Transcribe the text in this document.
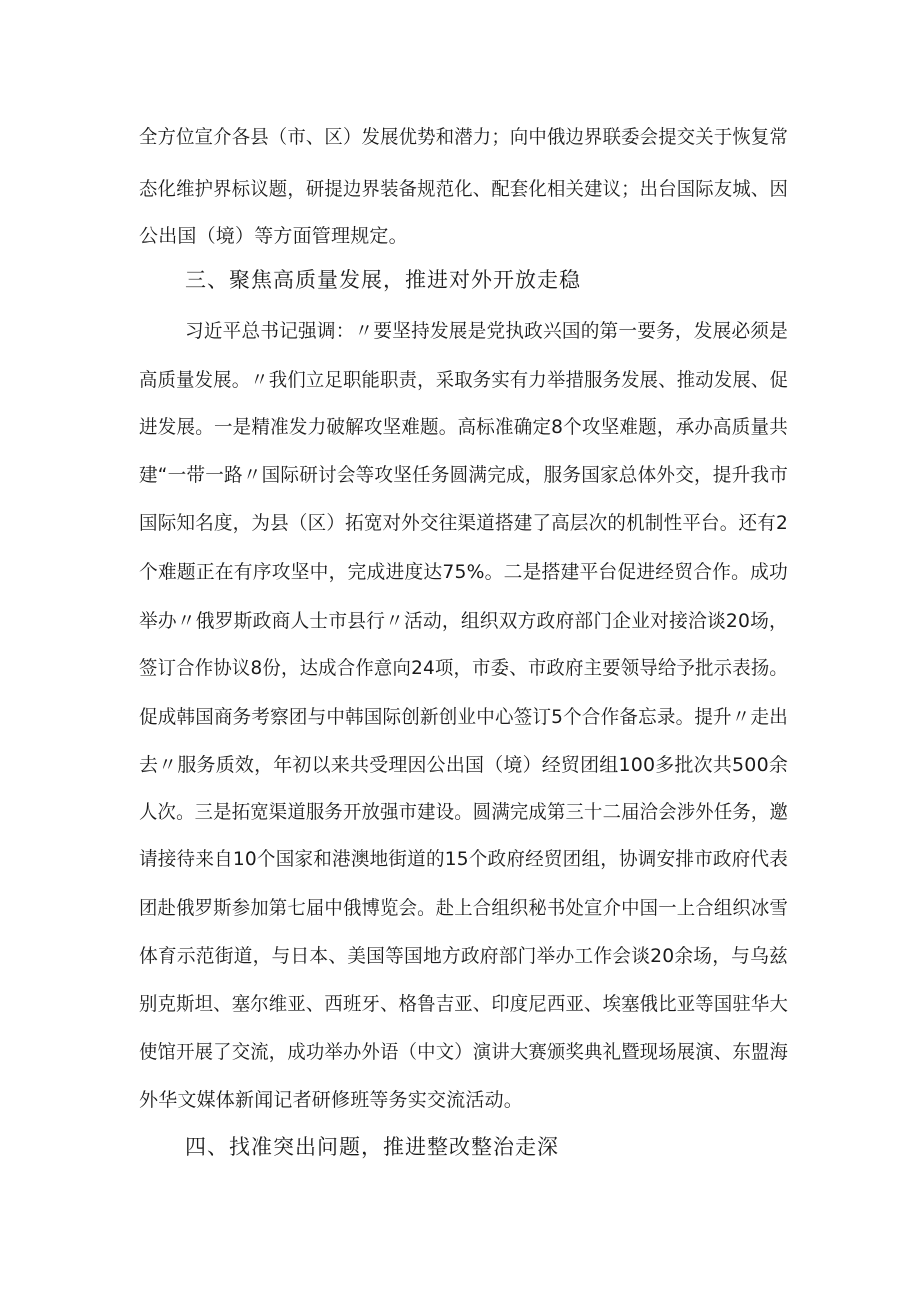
全方位宣介各县（市、区）发展优势和潜力；向中俄边界联委会提交关于恢复常
态化维护界标议题，研提边界装备规范化、配套化相关建议；出台国际友城、因
公出国（境）等方面管理规定。
三、聚焦高质量发展，推进对外开放走稳
习近平总书记强调：〃要坚持发展是党执政兴国的第一要务，发展必须是
高质量发展。〃我们立足职能职责，采取务实有力举措服务发展、推动发展、促
进发展。一是精准发力破解攻坚难题。高标准确定8个攻坚难题，承办高质量共
建“一带一路〃国际研讨会等攻坚任务圆满完成，服务国家总体外交，提升我市
国际知名度，为县（区）拓宽对外交往渠道搭建了高层次的机制性平台。还有2
个难题正在有序攻坚中，完成进度达75%。二是搭建平台促进经贸合作。成功
举办〃俄罗斯政商人士市县行〃活动，组织双方政府部门企业对接洽谈20场，
签订合作协议8份，达成合作意向24项，市委、市政府主要领导给予批示表扬。
促成韩国商务考察团与中韩国际创新创业中心签订5个合作备忘录。提升〃走出
去〃服务质效，年初以来共受理因公出国（境）经贸团组100多批次共500余
人次。三是拓宽渠道服务开放强市建设。圆满完成第三十二届洽会涉外任务，邀
请接待来自10个国家和港澳地街道的15个政府经贸团组，协调安排市政府代表
团赴俄罗斯参加第七届中俄博览会。赴上合组织秘书处宣介中国一上合组织冰雪
体育示范街道，与日本、美国等国地方政府部门举办工作会谈20余场，与乌兹
别克斯坦、塞尔维亚、西班牙、格鲁吉亚、印度尼西亚、埃塞俄比亚等国驻华大
使馆开展了交流，成功举办外语（中文）演讲大赛颁奖典礼暨现场展演、东盟海
外华文媒体新闻记者研修班等务实交流活动。
四、找准突出问题，推进整改整治走深
